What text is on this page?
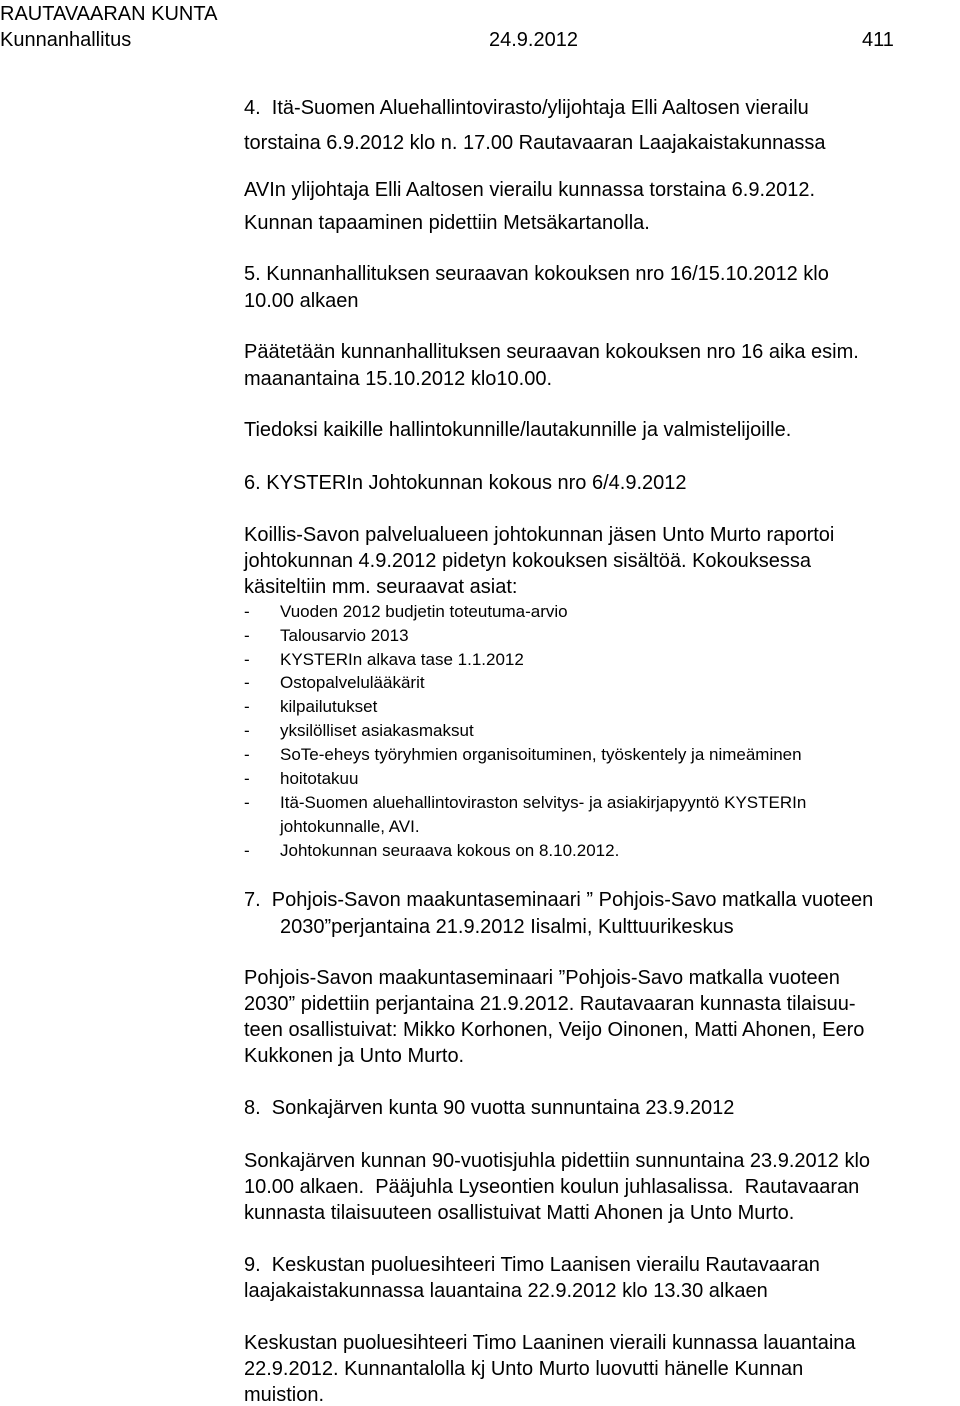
RAUTAVAARAN KUNTA
Kunnanhallitus	24.9.2012	411
4.  Itä-Suomen Aluehallintovirasto/ylijohtaja Elli Aaltosen vierailu
torstaina 6.9.2012 klo n. 17.00 Rautavaaran Laajakaistakunnassa
AVIn ylijohtaja Elli Aaltosen vierailu kunnassa torstaina 6.9.2012.
Kunnan tapaaminen pidettiin Metsäkartanolla.
5. Kunnanhallituksen seuraavan kokouksen nro 16/15.10.2012 klo
10.00 alkaen
Päätetään kunnanhallituksen seuraavan kokouksen nro 16 aika esim.
maanantaina 15.10.2012 klo10.00.
Tiedoksi kaikille hallintokunnille/lautakunnille ja valmistelijoille.
6. KYSTERIn Johtokunnan kokous nro 6/4.9.2012
Koillis-Savon palvelualueen johtokunnan jäsen Unto Murto raportoi
johtokunnan 4.9.2012 pidetyn kokouksen sisältöä. Kokouksessa
käsiteltiin mm. seuraavat asiat:
- Vuoden 2012 budjetin toteutuma-arvio
- Talousarvio 2013
- KYSTERIn alkava tase 1.1.2012
- Ostopalvelulääkärit
- kilpailutukset
- yksilölliset asiakasmaksut
- SoTe-eheys työryhmien organisoituminen, työskentely ja nimeäminen
- hoitotakuu
- Itä-Suomen aluehallintoviraston selvitys- ja asiakirjapyyntö KYSTERIn
johtokunnalle, AVI.
- Johtokunnan seuraava kokous on 8.10.2012.
7.  Pohjois-Savon maakuntaseminaari ” Pohjois-Savo matkalla vuoteen
2030”perjantaina 21.9.2012 Iisalmi, Kulttuurikeskus
Pohjois-Savon maakuntaseminaari ”Pohjois-Savo matkalla vuoteen
2030” pidettiin perjantaina 21.9.2012. Rautavaaran kunnasta tilaisuu-
teen osallistuivat: Mikko Korhonen, Veijo Oinonen, Matti Ahonen, Eero
Kukkonen ja Unto Murto.
8.  Sonkajärven kunta 90 vuotta sunnuntaina 23.9.2012
Sonkajärven kunnan 90-vuotisjuhla pidettiin sunnuntaina 23.9.2012 klo
10.00 alkaen.  Pääjuhla Lyseontien koulun juhlasalissa.  Rautavaaran
kunnasta tilaisuuteen osallistuivat Matti Ahonen ja Unto Murto.
9.  Keskustan puoluesihteeri Timo Laanisen vierailu Rautavaaran
laajakaistakunnassa lauantaina 22.9.2012 klo 13.30 alkaen
Keskustan puoluesihteeri Timo Laaninen vieraili kunnassa lauantaina
22.9.2012. Kunnantalolla kj Unto Murto luovutti hänelle Kunnan
muistion.
